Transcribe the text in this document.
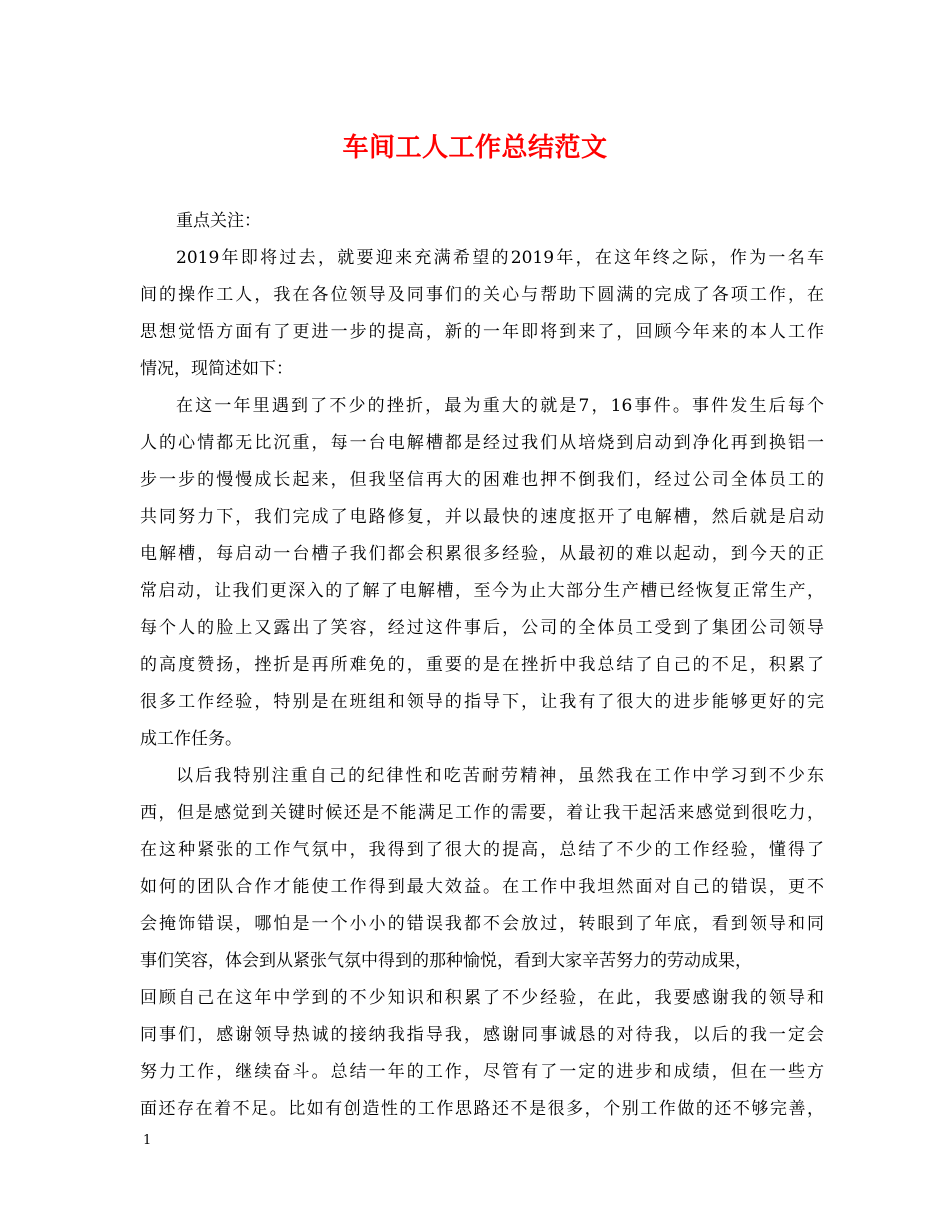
车间工人工作总结范文
重点关注：
2019年即将过去，就要迎来充满希望的2019年，在这年终之际，作为一名车
间的操作工人，我在各位领导及同事们的关心与帮助下圆满的完成了各项工作，在
思想觉悟方面有了更进一步的提高，新的一年即将到来了，回顾今年来的本人工作
情况，现简述如下：
在这一年里遇到了不少的挫折，最为重大的就是7，16事件。事件发生后每个
人的心情都无比沉重，每一台电解槽都是经过我们从培烧到启动到净化再到换铝一
步一步的慢慢成长起来，但我坚信再大的困难也押不倒我们，经过公司全体员工的
共同努力下，我们完成了电路修复，并以最快的速度抠开了电解槽，然后就是启动
电解槽，每启动一台槽子我们都会积累很多经验，从最初的难以起动，到今天的正
常启动，让我们更深入的了解了电解槽，至今为止大部分生产槽已经恢复正常生产，
每个人的脸上又露出了笑容，经过这件事后，公司的全体员工受到了集团公司领导
的高度赞扬，挫折是再所难免的，重要的是在挫折中我总结了自己的不足，积累了
很多工作经验，特别是在班组和领导的指导下，让我有了很大的进步能够更好的完
成工作任务。
以后我特别注重自己的纪律性和吃苦耐劳精神，虽然我在工作中学习到不少东
西，但是感觉到关键时候还是不能满足工作的需要，着让我干起活来感觉到很吃力，
在这种紧张的工作气氛中，我得到了很大的提高，总结了不少的工作经验，懂得了
如何的团队合作才能使工作得到最大效益。在工作中我坦然面对自己的错误，更不
会掩饰错误，哪怕是一个小小的错误我都不会放过，转眼到了年底，看到领导和同
事们笑容，体会到从紧张气氛中得到的那种愉悦，看到大家辛苦努力的劳动成果，
回顾自己在这年中学到的不少知识和积累了不少经验，在此，我要感谢我的领导和
同事们，感谢领导热诚的接纳我指导我，感谢同事诚恳的对待我，以后的我一定会
努力工作，继续奋斗。总结一年的工作，尽管有了一定的进步和成绩，但在一些方
面还存在着不足。比如有创造性的工作思路还不是很多，个别工作做的还不够完善，
1
